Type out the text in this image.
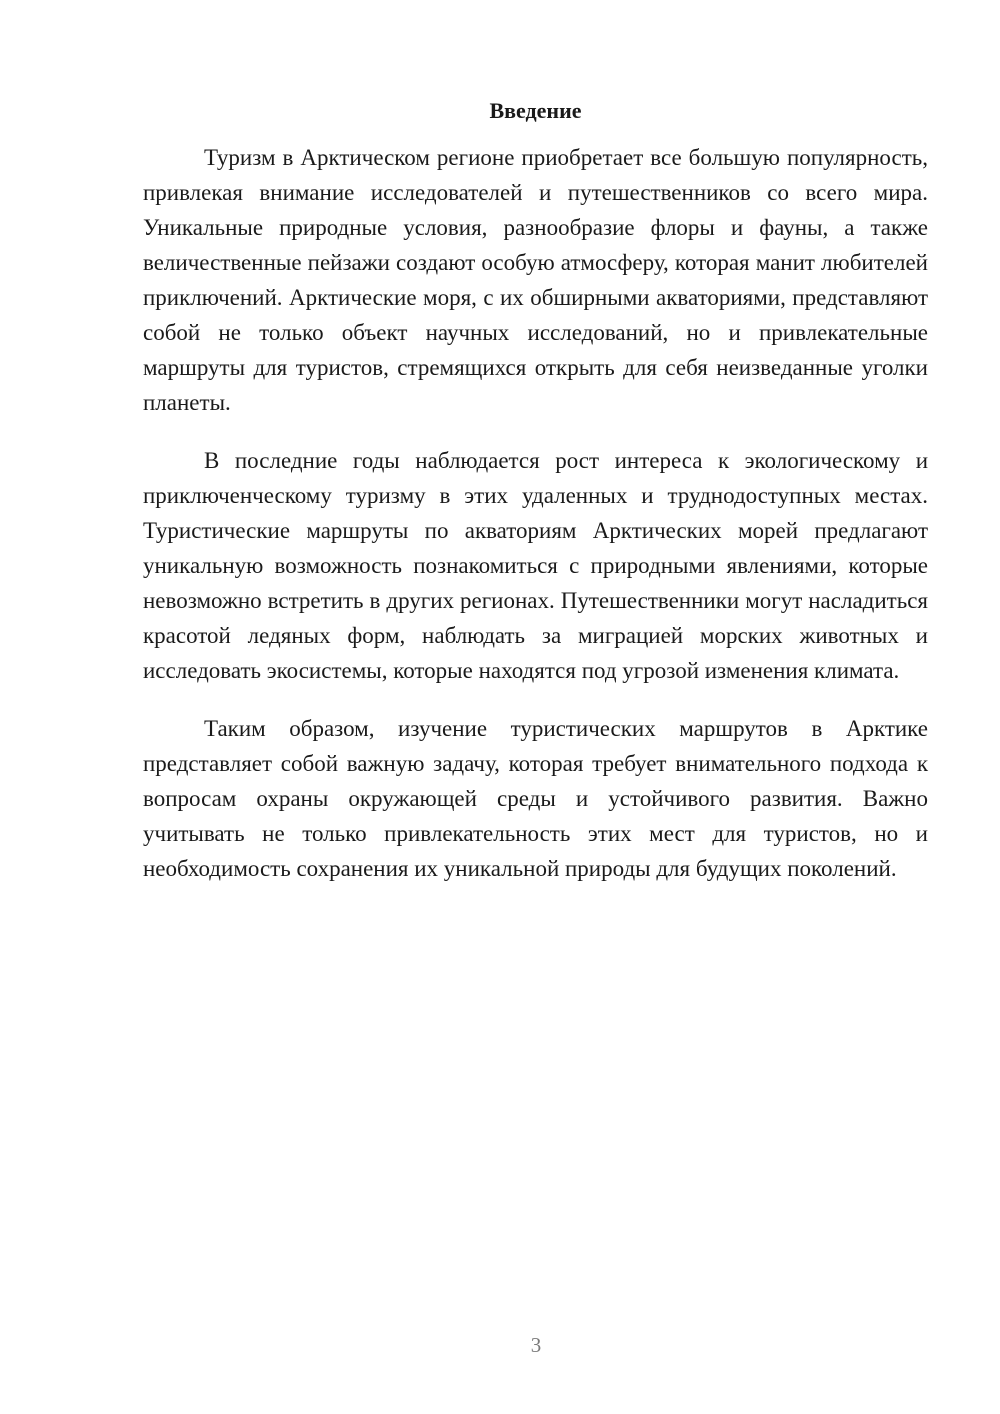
Введение

Туризм в Арктическом регионе приобретает все большую популярность, привлекая внимание исследователей и путешественников со всего мира. Уникальные природные условия, разнообразие флоры и фауны, а также величественные пейзажи создают особую атмосферу, которая манит любителей приключений. Арктические моря, с их обширными акваториями, представляют собой не только объект научных исследований, но и привлекательные маршруты для туристов, стремящихся открыть для себя неизведанные уголки планеты.

В последние годы наблюдается рост интереса к экологическому и приключенческому туризму в этих удаленных и труднодоступных местах. Туристические маршруты по акваториям Арктических морей предлагают уникальную возможность познакомиться с природными явлениями, которые невозможно встретить в других регионах. Путешественники могут насладиться красотой ледяных форм, наблюдать за миграцией морских животных и исследовать экосистемы, которые находятся под угрозой изменения климата.

Таким образом, изучение туристических маршрутов в Арктике представляет собой важную задачу, которая требует внимательного подхода к вопросам охраны окружающей среды и устойчивого развития. Важно учитывать не только привлекательность этих мест для туристов, но и необходимость сохранения их уникальной природы для будущих поколений.

3
